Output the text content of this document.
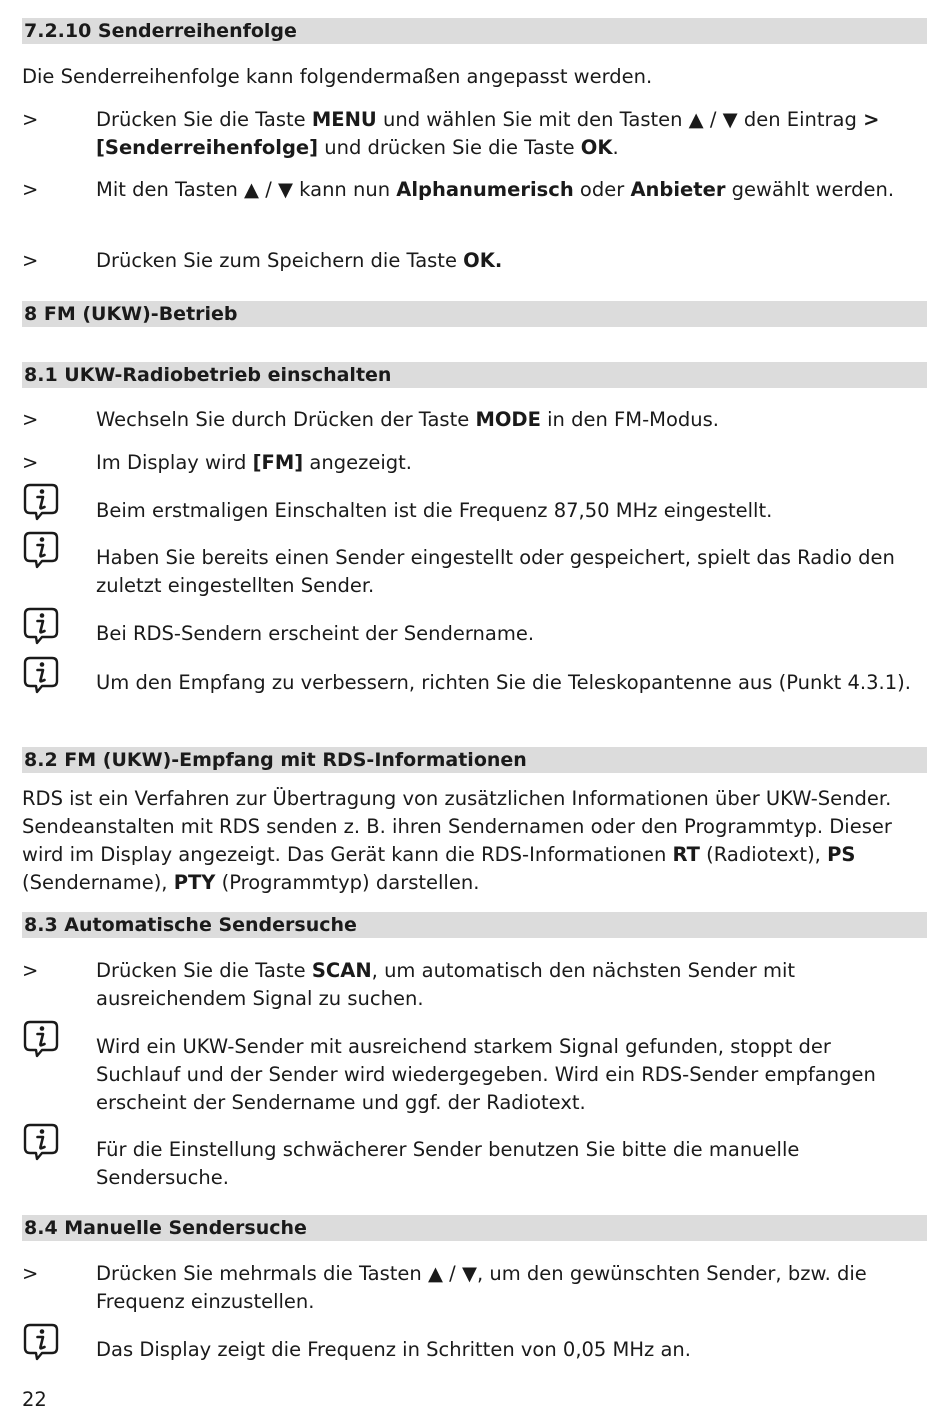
7.2.10 Senderreihenfolge
Die Senderreihenfolge kann folgendermaßen angepasst werden.
>	Drücken Sie die Taste MENU und wählen Sie mit den Tasten ▲ / ▼ den Eintrag > [Senderreihenfolge] und drücken Sie die Taste OK.
>	Mit den Tasten ▲ / ▼ kann nun Alphanumerisch oder Anbieter gewählt werden.
>	Drücken Sie zum Speichern die Taste OK.
8 FM (UKW)-Betrieb
8.1 UKW-Radiobetrieb einschalten
>	Wechseln Sie durch Drücken der Taste MODE in den FM-Modus.
>	Im Display wird [FM] angezeigt.
Beim erstmaligen Einschalten ist die Frequenz 87,50 MHz eingestellt.
Haben Sie bereits einen Sender eingestellt oder gespeichert, spielt das Radio den zuletzt eingestellten Sender.
Bei RDS-Sendern erscheint der Sendername.
Um den Empfang zu verbessern, richten Sie die Teleskopantenne aus (Punkt 4.3.1).
8.2 FM (UKW)-Empfang mit RDS-Informationen
RDS ist ein Verfahren zur Übertragung von zusätzlichen Informationen über UKW-Sender. Sendeanstalten mit RDS senden z. B. ihren Sendernamen oder den Programmtyp. Dieser wird im Display angezeigt. Das Gerät kann die RDS-Informationen RT (Radiotext), PS (Sendername), PTY (Programmtyp) darstellen.
8.3 Automatische Sendersuche
>	Drücken Sie die Taste SCAN, um automatisch den nächsten Sender mit ausreichendem Signal zu suchen.
Wird ein UKW-Sender mit ausreichend starkem Signal gefunden, stoppt der Suchlauf und der Sender wird wiedergegeben. Wird ein RDS-Sender empfangen erscheint der Sendername und ggf. der Radiotext.
Für die Einstellung schwächerer Sender benutzen Sie bitte die manuelle Sendersuche.
8.4 Manuelle Sendersuche
>	Drücken Sie mehrmals die Tasten ▲ / ▼, um den gewünschten Sender, bzw. die Frequenz einzustellen.
Das Display zeigt die Frequenz in Schritten von 0,05 MHz an.
22
